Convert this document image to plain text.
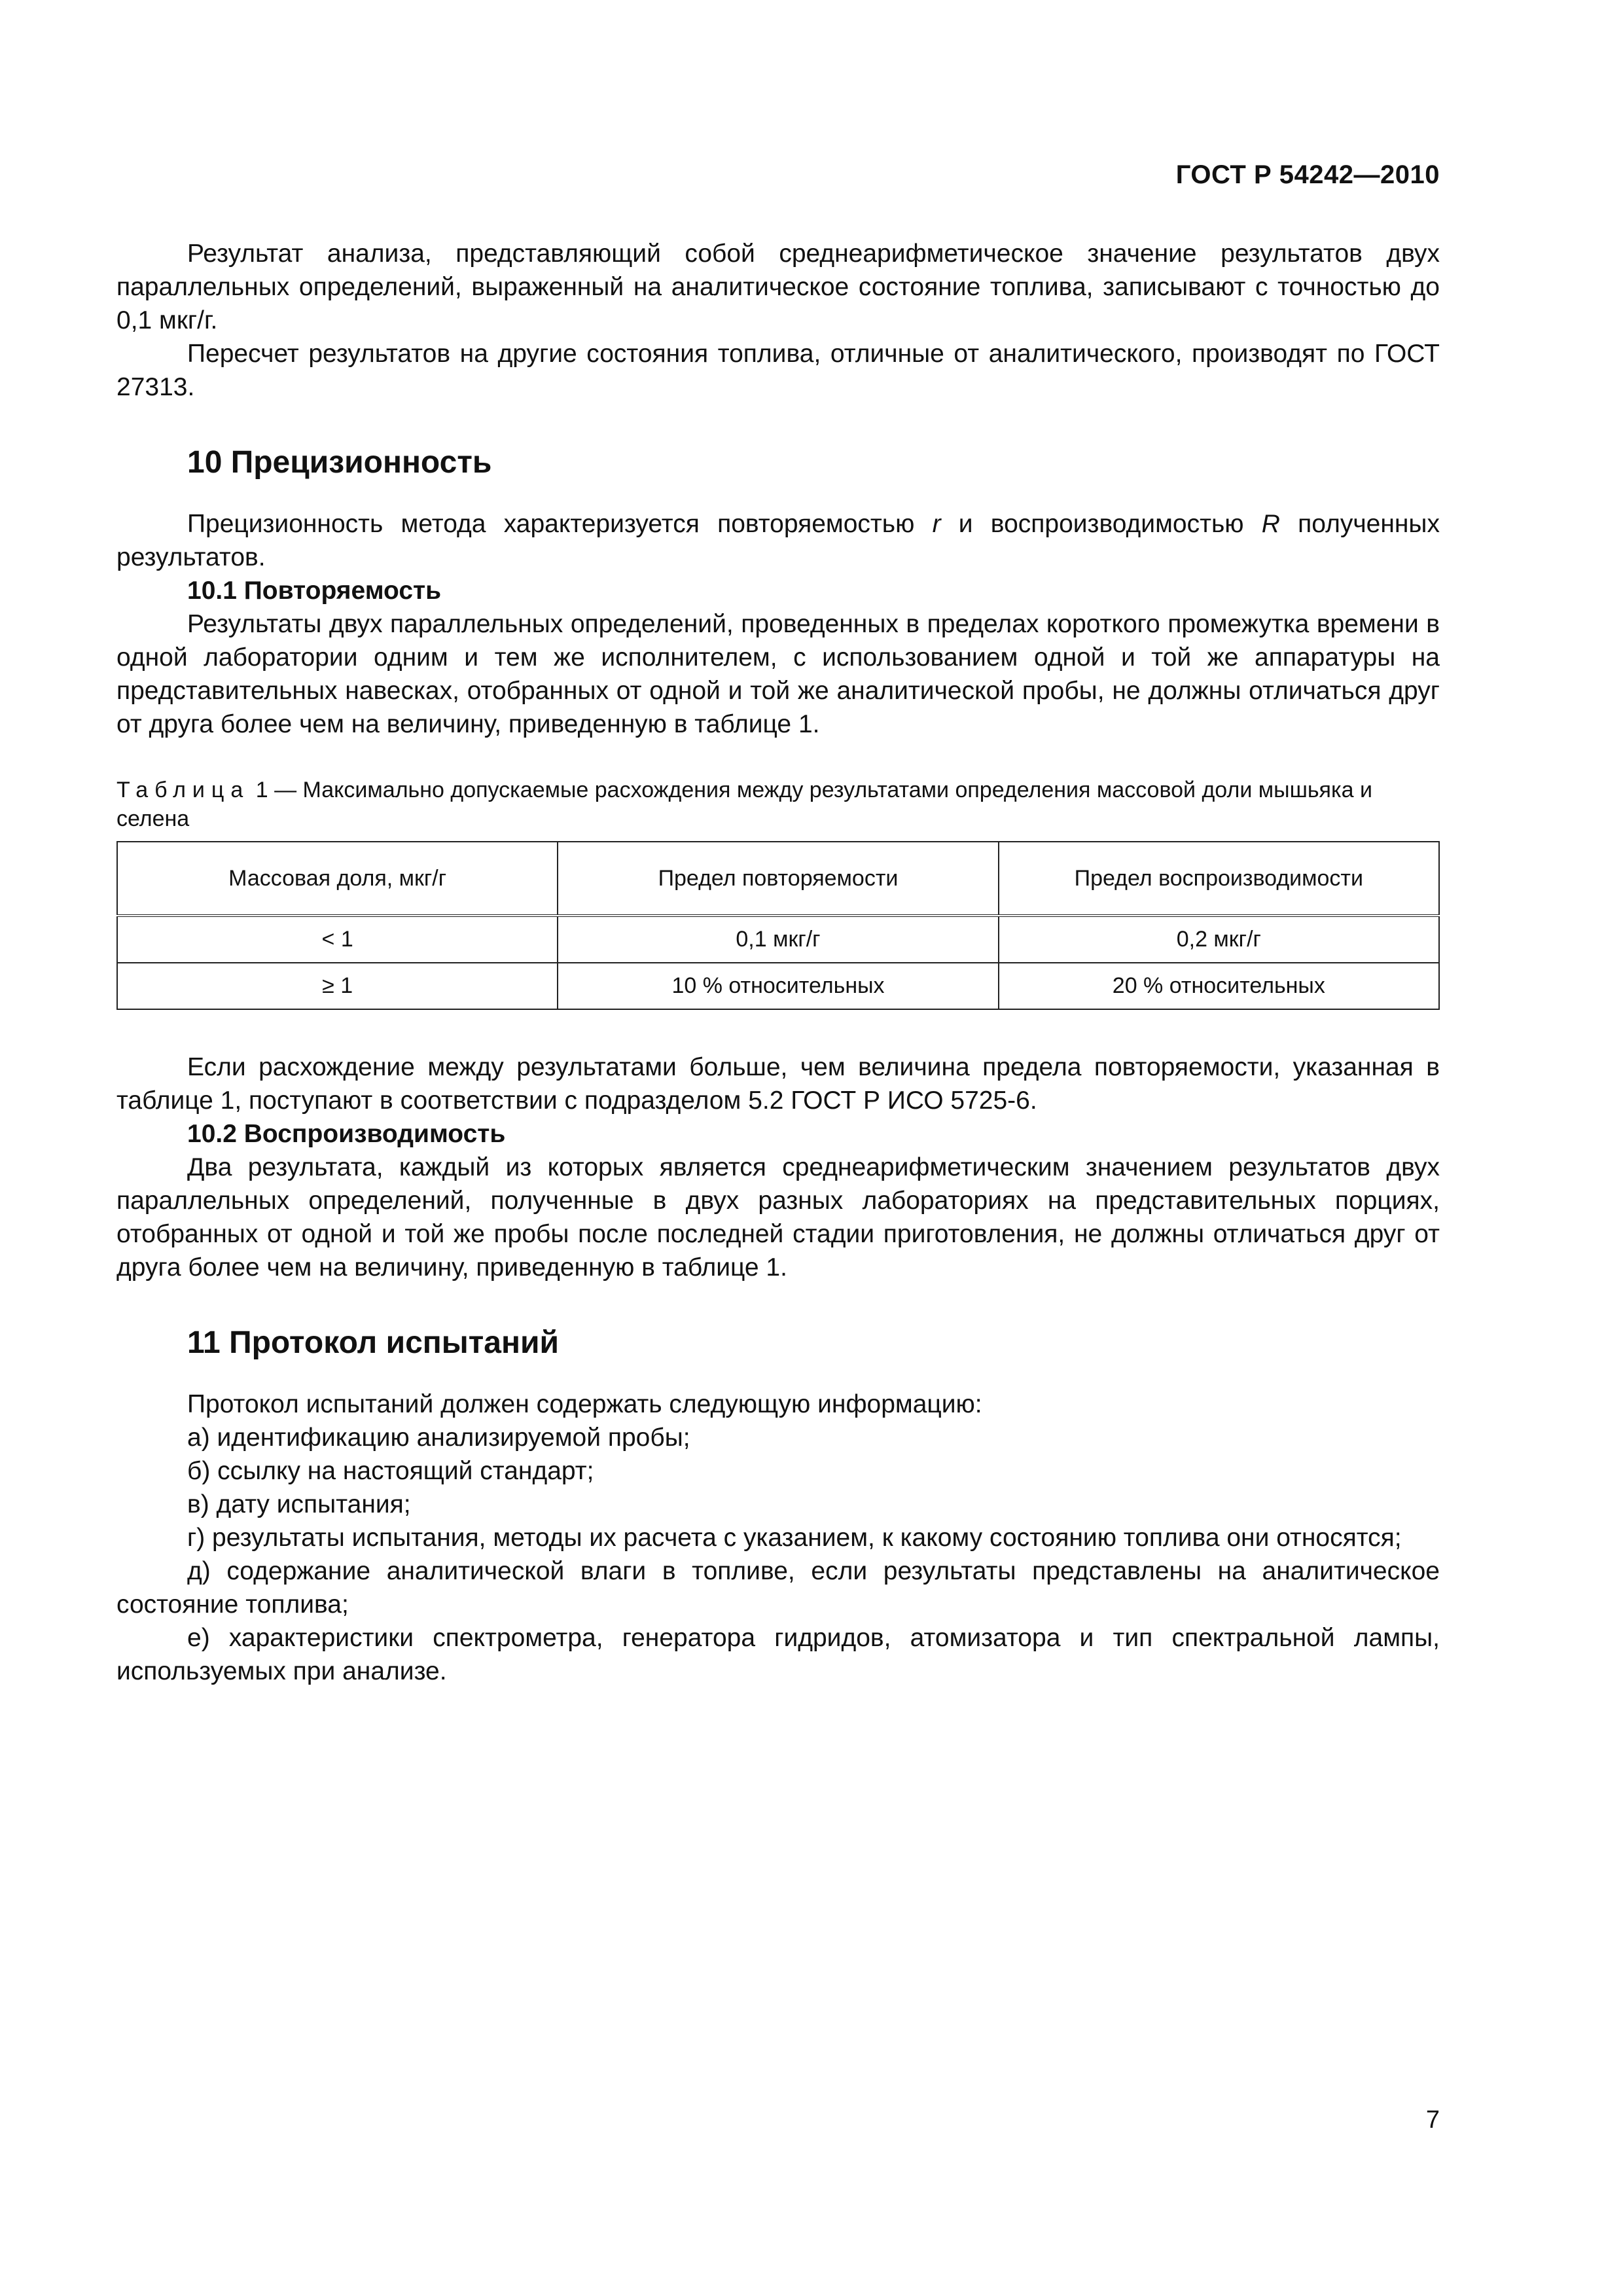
ГОСТ Р 54242—2010

Результат анализа, представляющий собой среднеарифметическое значение результатов двух параллельных определений, выраженный на аналитическое состояние топлива, записывают с точностью до 0,1 мкг/г.

Пересчет результатов на другие состояния топлива, отличные от аналитического, производят по ГОСТ 27313.

10 Прецизионность

Прецизионность метода характеризуется повторяемостью r и воспроизводимостью R полученных результатов.

10.1 Повторяемость

Результаты двух параллельных определений, проведенных в пределах короткого промежутка времени в одной лаборатории одним и тем же исполнителем, с использованием одной и той же аппаратуры на представительных навесках, отобранных от одной и той же аналитической пробы, не должны отличаться друг от друга более чем на величину, приведенную в таблице 1.

Таблица 1 — Максимально допускаемые расхождения между результатами определения массовой доли мышьяка и селена

Массовая доля, мкг/г	Предел повторяемости	Предел воспроизводимости
< 1	0,1 мкг/г	0,2 мкг/г
≥ 1	10 % относительных	20 % относительных

Если расхождение между результатами больше, чем величина предела повторяемости, указанная в таблице 1, поступают в соответствии с подразделом 5.2 ГОСТ Р ИСО 5725-6.

10.2 Воспроизводимость

Два результата, каждый из которых является среднеарифметическим значением результатов двух параллельных определений, полученные в двух разных лабораториях на представительных порциях, отобранных от одной и той же пробы после последней стадии приготовления, не должны отличаться друг от друга более чем на величину, приведенную в таблице 1.

11 Протокол испытаний

Протокол испытаний должен содержать следующую информацию:

а) идентификацию анализируемой пробы;

б) ссылку на настоящий стандарт;

в) дату испытания;

г) результаты испытания, методы их расчета с указанием, к какому состоянию топлива они относятся;

д) содержание аналитической влаги в топливе, если результаты представлены на аналитическое состояние топлива;

е) характеристики спектрометра, генератора гидридов, атомизатора и тип спектральной лампы, используемых при анализе.

7
